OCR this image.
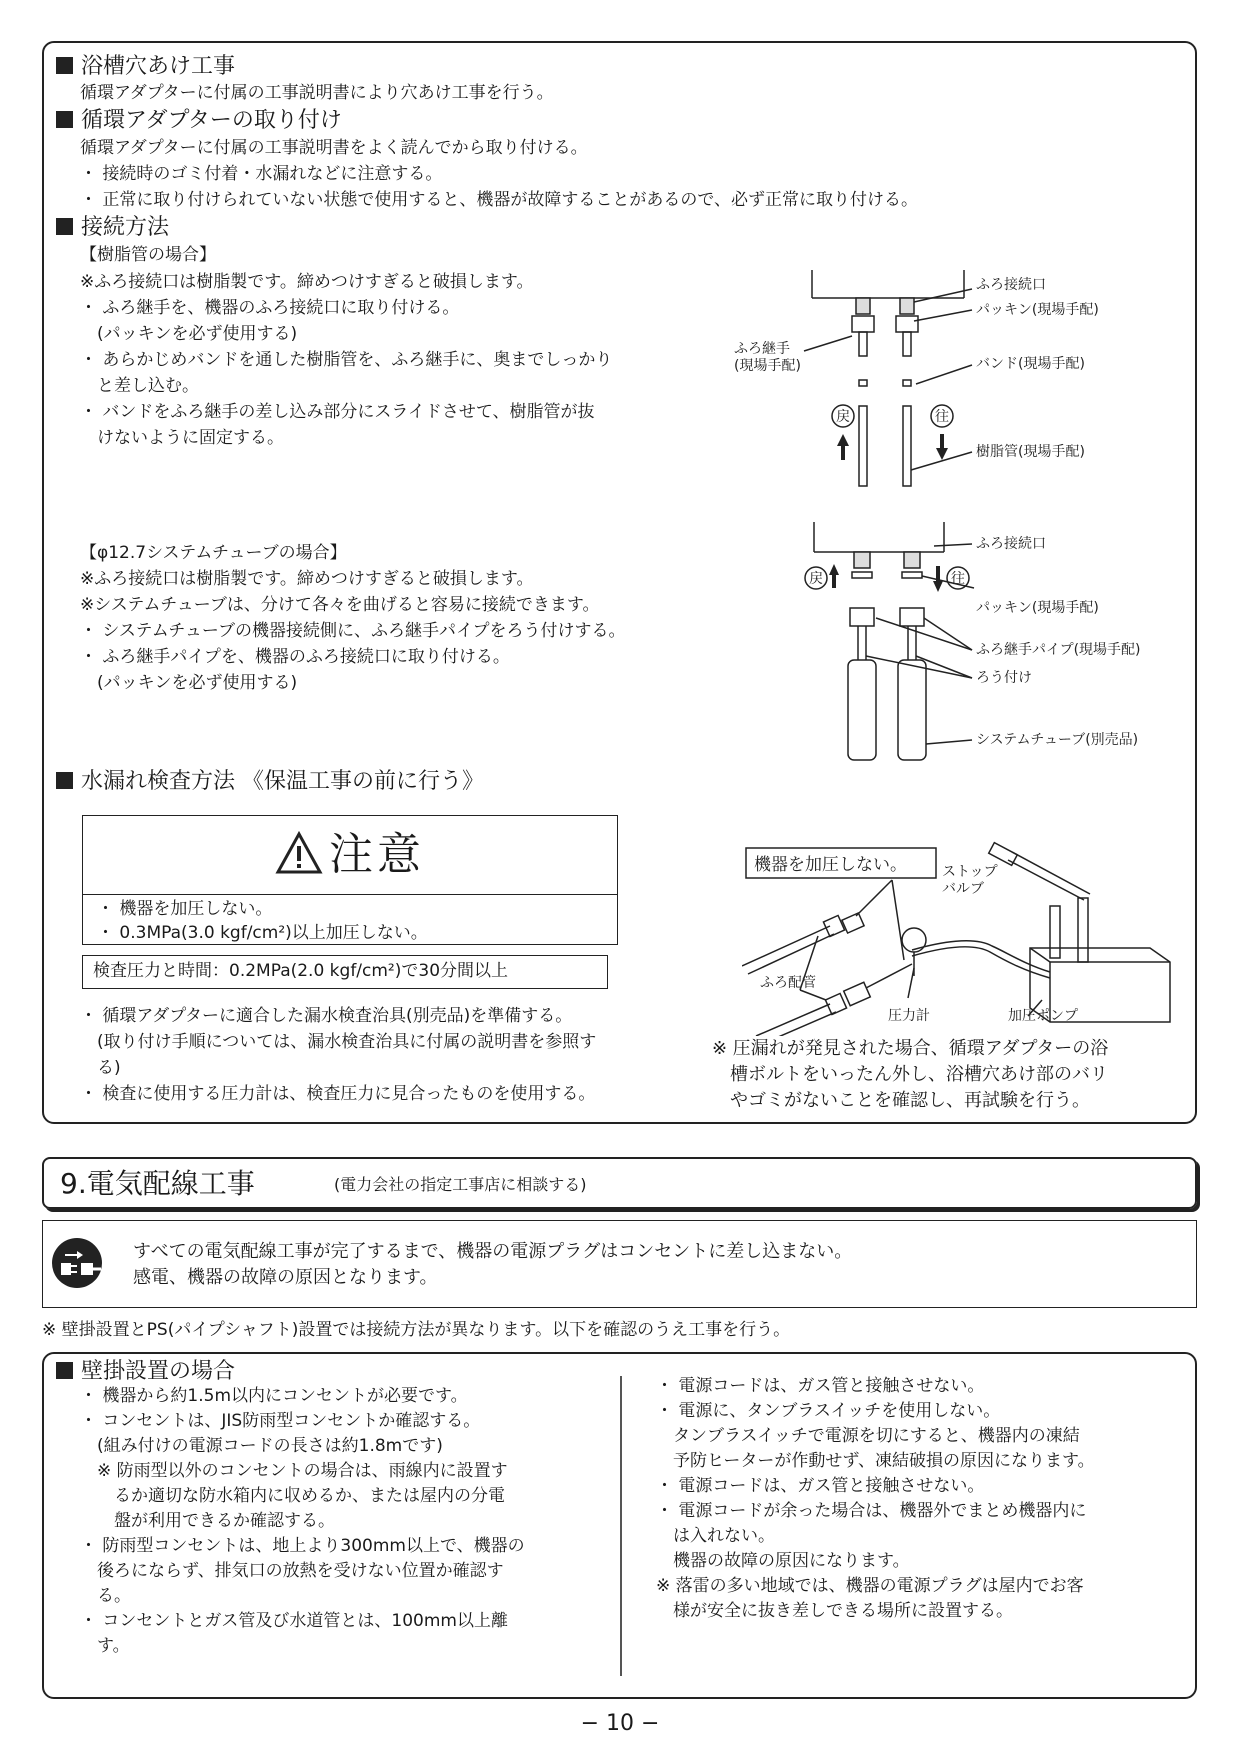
浴槽穴あけ工事
循環アダプターに付属の工事説明書により穴あけ工事を行う。
循環アダプターの取り付け
循環アダプターに付属の工事説明書をよく読んでから取り付ける。
・ 接続時のゴミ付着・水漏れなどに注意する。
・ 正常に取り付けられていない状態で使用すると、機器が故障することがあるので、必ず正常に取り付ける。
接続方法
【樹脂管の場合】
※ふろ接続口は樹脂製です。締めつけすぎると破損します。
・ ふろ継手を、機器のふろ接続口に取り付ける。
　(パッキンを必ず使用する)
・ あらかじめバンドを通した樹脂管を、ふろ継手に、奥までしっかり
　と差し込む。
・ バンドをふろ継手の差し込み部分にスライドさせて、樹脂管が抜
　けないように固定する。
戻	往
ふろ接続口
パッキン(現場手配)
ふろ継手
(現場手配)	バンド(現場手配)
樹脂管(現場手配)
【φ12.7システムチューブの場合】
※ふろ接続口は樹脂製です。締めつけすぎると破損します。
※システムチューブは、分けて各々を曲げると容易に接続できます。
・ システムチューブの機器接続側に、ふろ継手パイプをろう付けする。
・ ふろ継手パイプを、機器のふろ接続口に取り付ける。
　(パッキンを必ず使用する)
戻	往
ふろ接続口
パッキン(現場手配)
ふろ継手パイプ(現場手配)
ろう付け
システムチューブ(別売品)
水漏れ検査方法 《保温工事の前に行う》
注意
・ 機器を加圧しない。
・ 0.3MPa(3.0 kgf/cm²)以上加圧しない。
検査圧力と時間：0.2MPa(2.0 kgf/cm²)で30分間以上
・ 循環アダプターに適合した漏水検査治具(別売品)を準備する。
　(取り付け手順については、漏水検査治具に付属の説明書を参照す
　る)
・ 検査に使用する圧力計は、検査圧力に見合ったものを使用する。
機器を加圧しない。	ストップ
バルブ
ふろ配管
圧力計	加圧ポンプ
※ 圧漏れが発見された場合、循環アダプターの浴
　槽ボルトをいったん外し、浴槽穴あけ部のバリ
　やゴミがないことを確認し、再試験を行う。
9.電気配線工事	(電力会社の指定工事店に相談する)
すべての電気配線工事が完了するまで、機器の電源プラグはコンセントに差し込まない。
感電、機器の故障の原因となります。
※ 壁掛設置とPS(パイプシャフト)設置では接続方法が異なります。以下を確認のうえ工事を行う。
壁掛設置の場合
・ 機器から約1.5m以内にコンセントが必要です。
・ コンセントは、JIS防雨型コンセントか確認する。
　(組み付けの電源コードの長さは約1.8mです)
　※ 防雨型以外のコンセントの場合は、雨線内に設置す
　　るか適切な防水箱内に収めるか、または屋内の分電
　　盤が利用できるか確認する。
・ 防雨型コンセントは、地上より300mm以上で、機器の
　後ろにならず、排気口の放熱を受けない位置か確認す
　る。
・ コンセントとガス管及び水道管とは、100mm以上離
　す。
・ 電源コードは、ガス管と接触させない。
・ 電源に、タンブラスイッチを使用しない。
　タンブラスイッチで電源を切にすると、機器内の凍結
　予防ヒーターが作動せず、凍結破損の原因になります。
・ 電源コードは、ガス管と接触させない。
・ 電源コードが余った場合は、機器外でまとめ機器内に
　は入れない。
　機器の故障の原因になります。
※ 落雷の多い地域では、機器の電源プラグは屋内でお客
　様が安全に抜き差しできる場所に設置する。
− 10 −
